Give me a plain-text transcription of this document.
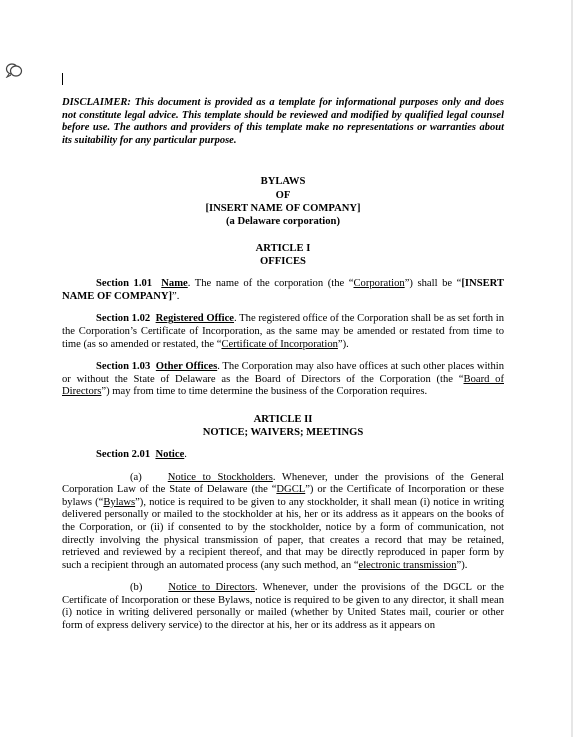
DISCLAIMER: This document is provided as a template for informational purposes only and does not constitute legal advice. This template should be reviewed and modified by qualified legal counsel before use. The authors and providers of this template make no representations or warranties about its suitability for any particular purpose.

BYLAWS
OF
[INSERT NAME OF COMPANY]
(a Delaware corporation)
ARTICLE I
OFFICES

Section 1.01 Name. The name of the corporation (the “Corporation”) shall be “[INSERT NAME OF COMPANY]”.

Section 1.02 Registered Office. The registered office of the Corporation shall be as set forth in the Corporation’s Certificate of Incorporation, as the same may be amended or restated from time to time (as so amended or restated, the “Certificate of Incorporation”).

Section 1.03 Other Offices. The Corporation may also have offices at such other places within or without the State of Delaware as the Board of Directors of the Corporation (the “Board of Directors”) may from time to time determine the business of the Corporation requires.

ARTICLE II
NOTICE; WAIVERS; MEETINGS

Section 2.01 Notice.

(a) Notice to Stockholders. Whenever, under the provisions of the General Corporation Law of the State of Delaware (the “DGCL”) or the Certificate of Incorporation or these bylaws (“Bylaws”), notice is required to be given to any stockholder, it shall mean (i) notice in writing delivered personally or mailed to the stockholder at his, her or its address as it appears on the books of the Corporation, or (ii) if consented to by the stockholder, notice by a form of communication, not directly involving the physical transmission of paper, that creates a record that may be retained, retrieved and reviewed by a recipient thereof, and that may be directly reproduced in paper form by such a recipient through an automated process (any such method, an “electronic transmission”).

(b) Notice to Directors. Whenever, under the provisions of the DGCL or the Certificate of Incorporation or these Bylaws, notice is required to be given to any director, it shall mean (i) notice in writing delivered personally or mailed (whether by United States mail, courier or other form of express delivery service) to the director at his, her or its address as it appears on
